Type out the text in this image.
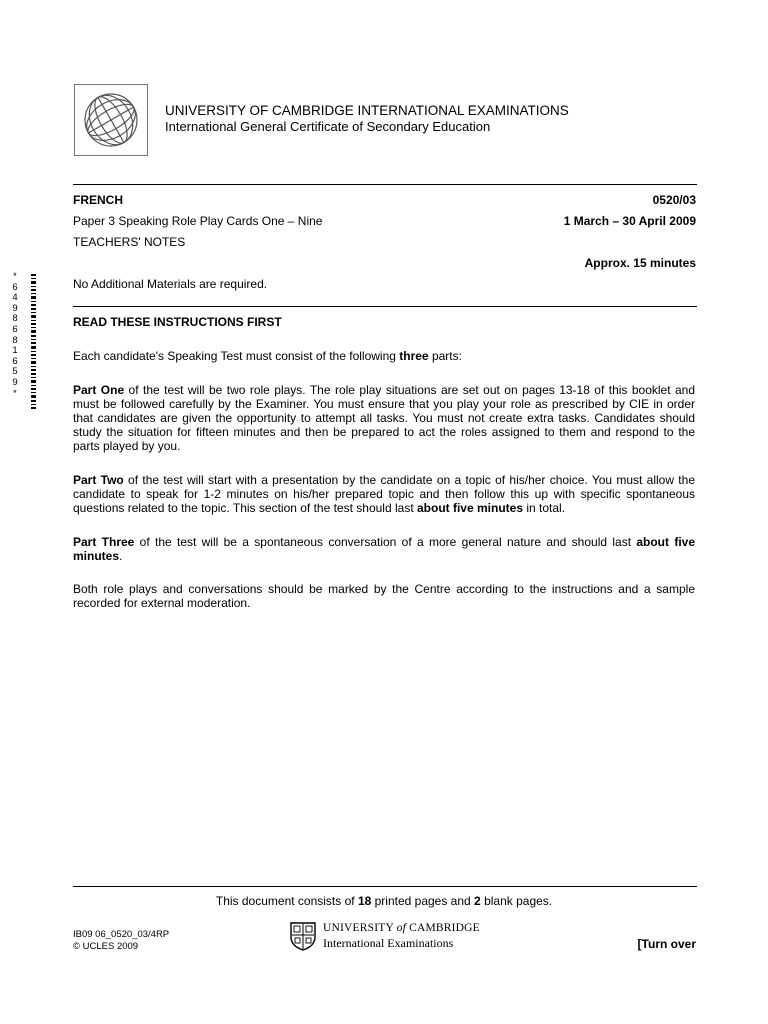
UNIVERSITY OF CAMBRIDGE INTERNATIONAL EXAMINATIONS
International General Certificate of Secondary Education
FRENCH	0520/03
Paper 3 Speaking Role Play Cards One – Nine	1 March – 30 April 2009
TEACHERS' NOTES
Approx. 15 minutes
No Additional Materials are required.
*
6
4
9
8
6
8
1
6
5
9
*
READ THESE INSTRUCTIONS FIRST
Each candidate's Speaking Test must consist of the following three parts:
Part One of the test will be two role plays. The role play situations are set out on pages 13-18 of this booklet and must be followed carefully by the Examiner. You must ensure that you play your role as prescribed by CIE in order that candidates are given the opportunity to attempt all tasks. You must not create extra tasks. Candidates should study the situation for fifteen minutes and then be prepared to act the roles assigned to them and respond to the parts played by you.
Part Two of the test will start with a presentation by the candidate on a topic of his/her choice. You must allow the candidate to speak for 1-2 minutes on his/her prepared topic and then follow this up with specific spontaneous questions related to the topic. This section of the test should last about five minutes in total.
Part Three of the test will be a spontaneous conversation of a more general nature and should last about five minutes.
Both role plays and conversations should be marked by the Centre according to the instructions and a sample recorded for external moderation.
This document consists of 18 printed pages and 2 blank pages.
IB09 06_0520_03/4RP
© UCLES 2009
UNIVERSITY of CAMBRIDGE
International Examinations	[Turn over
